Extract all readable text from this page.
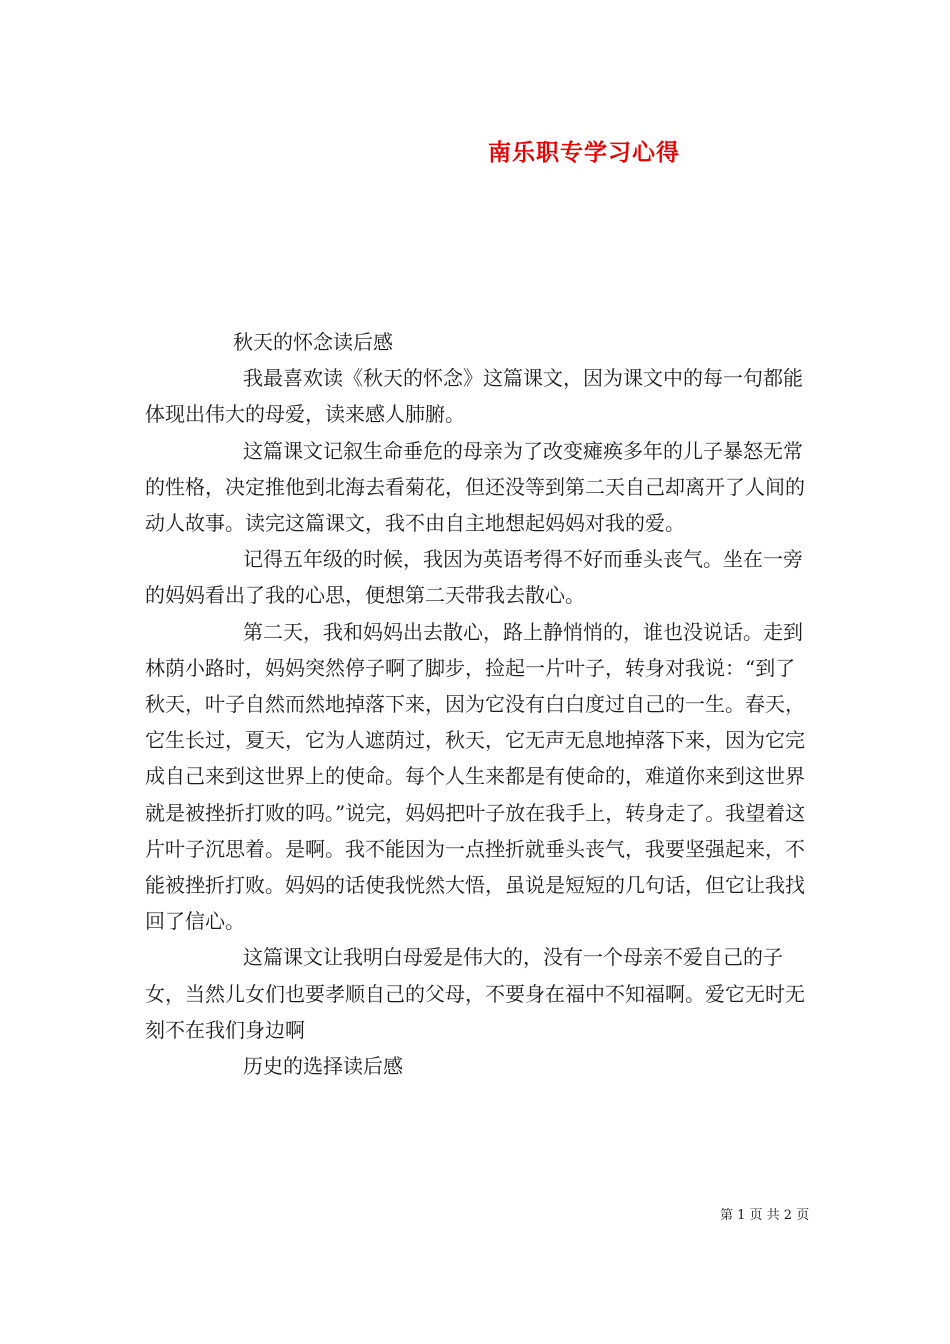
南乐职专学习心得

秋天的怀念读后感

我最喜欢读《秋天的怀念》这篇课文，因为课文中的每一句都能体现出伟大的母爱，读来感人肺腑。

这篇课文记叙生命垂危的母亲为了改变瘫痪多年的儿子暴怒无常的性格，决定推他到北海去看菊花，但还没等到第二天自己却离开了人间的动人故事。读完这篇课文，我不由自主地想起妈妈对我的爱。

记得五年级的时候，我因为英语考得不好而垂头丧气。坐在一旁的妈妈看出了我的心思，便想第二天带我去散心。

第二天，我和妈妈出去散心，路上静悄悄的，谁也没说话。走到林荫小路时，妈妈突然停子啊了脚步，捡起一片叶子，转身对我说：“到了秋天，叶子自然而然地掉落下来，因为它没有白白度过自己的一生。春天，它生长过，夏天，它为人遮荫过，秋天，它无声无息地掉落下来，因为它完成自己来到这世界上的使命。每个人生来都是有使命的，难道你来到这世界就是被挫折打败的吗。”说完，妈妈把叶子放在我手上，转身走了。我望着这片叶子沉思着。是啊。我不能因为一点挫折就垂头丧气，我要坚强起来，不能被挫折打败。妈妈的话使我恍然大悟，虽说是短短的几句话，但它让我找回了信心。

这篇课文让我明白母爱是伟大的，没有一个母亲不爱自己的子女，当然儿女们也要孝顺自己的父母，不要身在福中不知福啊。爱它无时无刻不在我们身边啊

历史的选择读后感

第 1 页 共 2 页
